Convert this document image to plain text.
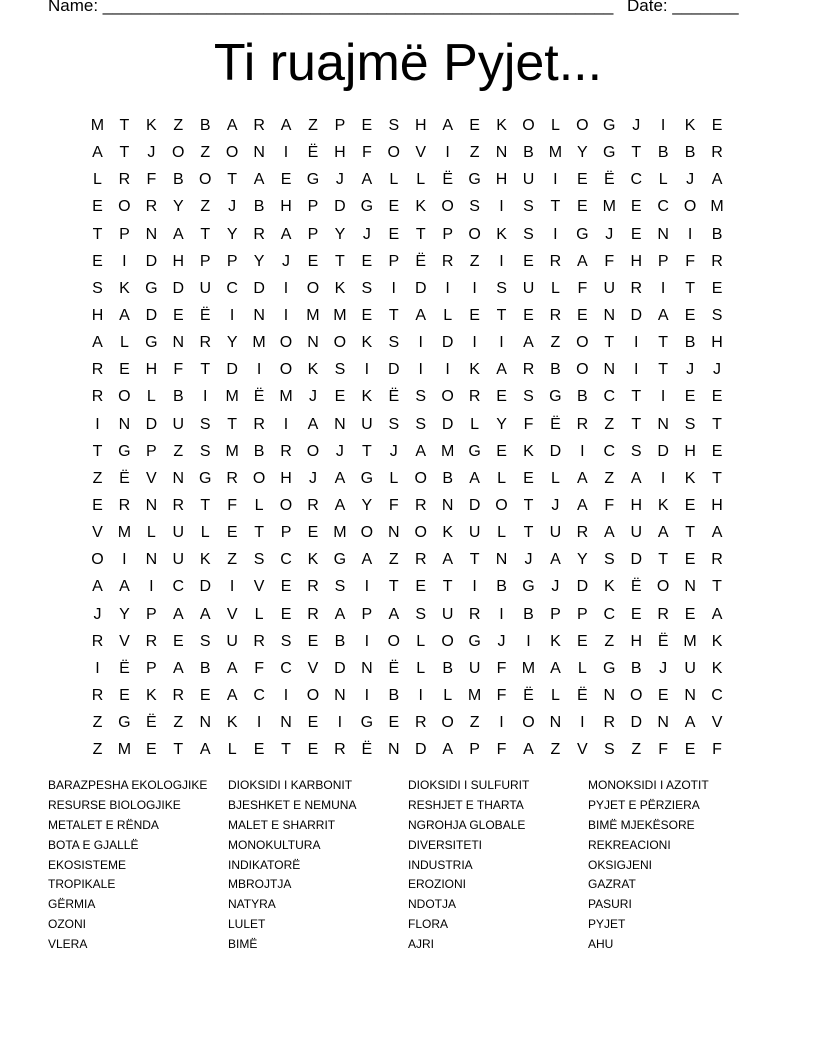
Name: ______________________________________________________

Date: _______

Ti ruajmë Pyjet...
M T	K	Z	B	A R A	Z	P	E	S H A	E	K O	L	O G	J	I	K	E
A	T	J	O Z O N	I	Ë H	F O V	I	Z	N B M Y G T	B	B R
L	R	F	B O T	A	E G	J	A	L	L	Ë G H U	I	E	Ë C	L	J	A
E O R Y	Z	J	B H P D G E	K O S	I	S	T	E M E C O M
T	P N A	T	Y R A	P	Y	J	E	T	P O K	S	I	G	J	E N	I	B
E	I	D H P	P	Y	J	E	T	E	P	Ë R	Z	I	E R A	F	H P	F	R
S	K G D U C D	I	O K	S	I	D	I	I	S U	L	F	U R	I	T	E
H A D E	Ë	I	N	I	M M E	T	A	L	E	T	E R E N D A	E	S
A	L	G N R Y M O N O K	S	I	D	I	I	A	Z O T	I	T	B H
R E H	F	T	D	I	O K	S	I	D	I	I	K	A R B O N	I	T	J	J
R O	L	B	I	M Ë M	J	E	K	Ë	S O R E	S G B C	T	I	E	E
I	N D U S	T	R	I	A N U S	S D	L	Y	F	Ë R	Z	T	N S	T
T G P	Z	S M B R O	J	T	J	A M G E	K D	I	C S D H E
Z	Ë	V N G R O H	J	A G	L	O B	A	L	E	L	A	Z	A	I	K	T
E R N R	T	F	L	O R A	Y	F	R N D O T	J	A	F	H K	E H
V M L	U	L	E	T	P	E M O N O K U	L	T	U R A U A	T	A
O	I	N U K	Z	S C K G A	Z	R A	T	N	J	A	Y	S D	T	E R
A	A	I	C D	I	V	E R S	I	T	E	T	I	B G	J	D K	Ë O N	T
J	Y	P	A	A	V	L	E R A	P	A	S U R	I	B	P	P C E R E	A
R V R E	S U R S	E	B	I	O	L	O G	J	I	K	E	Z	H Ë M K
I	Ë	P	A	B	A	F	C V D N Ë	L	B U	F M A	L	G B	J	U K
R E	K R E	A C	I	O N	I	B	I	L M F	Ë	L	Ë N O E N C
Z G Ë	Z	N K	I	N E	I	G E R O Z	I	O N	I	R D N A	V
Z M E	T	A	L	E	T	E R Ë N D A	P	F	A	Z	V	S	Z	F	E	F
BARAZPESHA EKOLOGJIKE	DIOKSIDI I KARBONIT	DIOKSIDI I SULFURIT	MONOKSIDI I AZOTIT
RESURSE BIOLOGJIKE	BJESHKET E NEMUNA	RESHJET E THARTA	PYJET E PËRZIERA
METALET E RËNDA	MALET E SHARRIT	NGROHJA GLOBALE	BIMË MJEKËSORE
BOTA E GJALLË	MONOKULTURA	DIVERSITETI	REKREACIONI
EKOSISTEME	INDIKATORË	INDUSTRIA	OKSIGJENI
TROPIKALE	MBROJTJA	EROZIONI	GAZRAT
GËRMIA	NATYRA	NDOTJA	PASURI
OZONI	LULET	FLORA	PYJET
VLERA	BIMË	AJRI	AHU
